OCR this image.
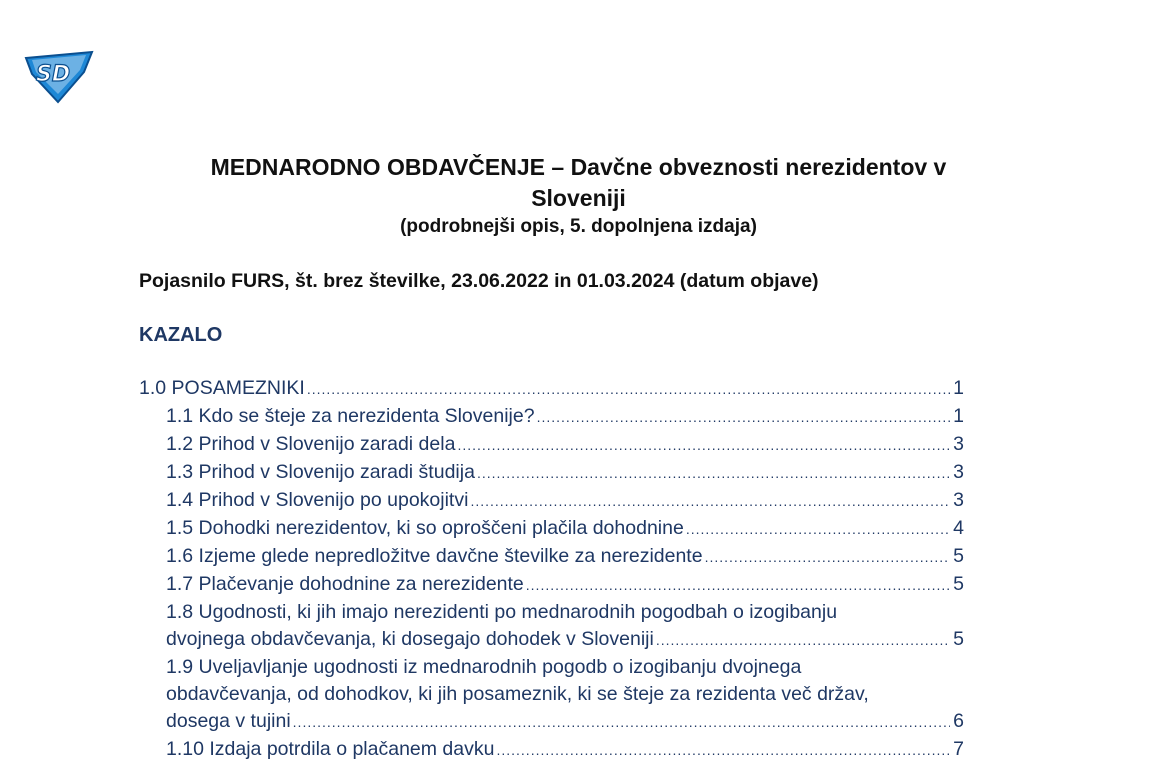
SD
MEDNARODNO OBDAVČENJE – Davčne obveznosti nerezidentov v
Sloveniji
(podrobnejši opis, 5. dopolnjena izdaja)
Pojasnilo FURS, št. brez številke, 23.06.2022 in 01.03.2024 (datum objave)
KAZALO
1.0 POSAMEZNIKI .....	1
1.1 Kdo se šteje za nerezidenta Slovenije? .....	1
1.2 Prihod v Slovenijo zaradi dela .....	3
1.3 Prihod v Slovenijo zaradi študija .....	3
1.4 Prihod v Slovenijo po upokojitvi .....	3
1.5 Dohodki nerezidentov, ki so oproščeni plačila dohodnine .....	4
1.6 Izjeme glede nepredložitve davčne številke za nerezidente .....	5
1.7 Plačevanje dohodnine za nerezidente .....	5
1.8 Ugodnosti, ki jih imajo nerezidenti po mednarodnih pogodbah o izogibanju
dvojnega obdavčevanja, ki dosegajo dohodek v Sloveniji .....	5
1.9 Uveljavljanje ugodnosti iz mednarodnih pogodb o izogibanju dvojnega
obdavčevanja, od dohodkov, ki jih posameznik, ki se šteje za rezidenta več držav,
dosega v tujini .....	6
1.10 Izdaja potrdila o plačanem davku .....	7
